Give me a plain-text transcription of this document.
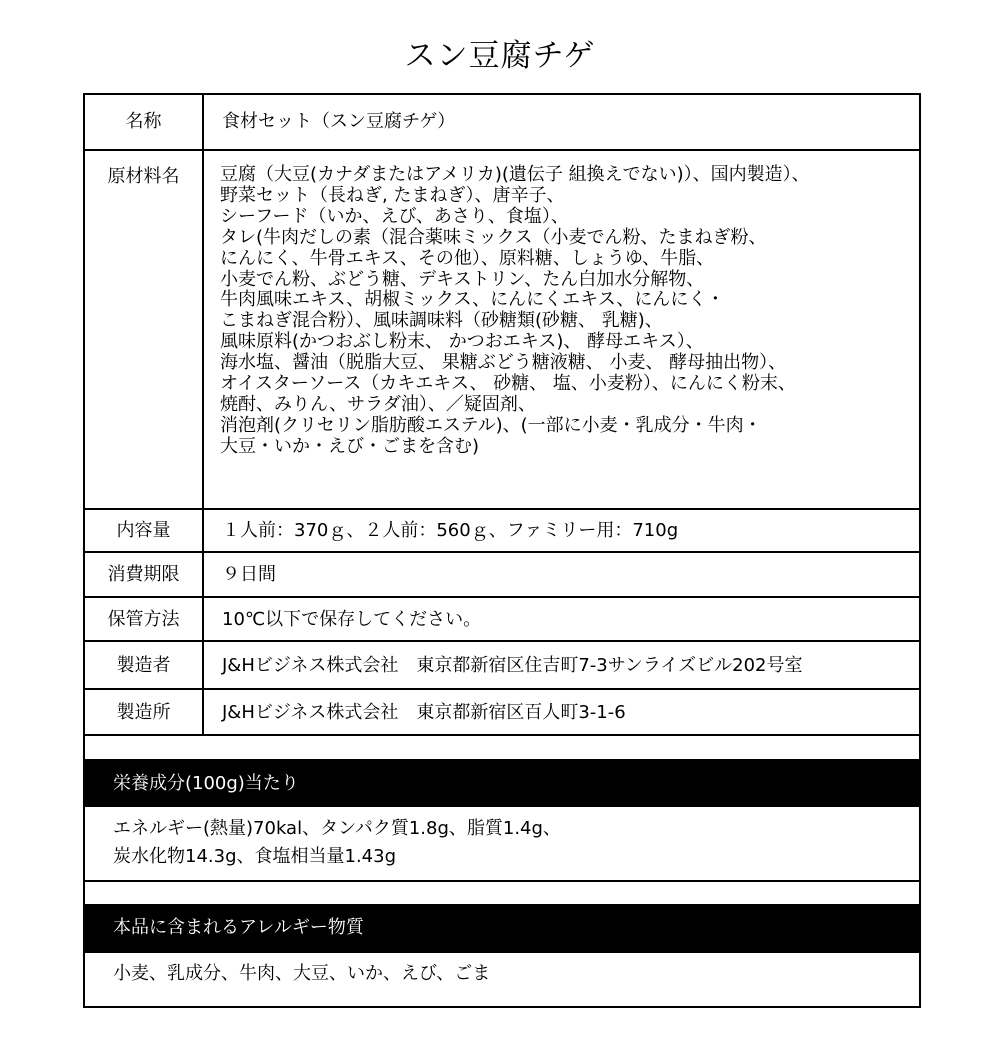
スン豆腐チゲ
名称	食材セット（スン豆腐チゲ）
原材料名	豆腐（大豆(カナダまたはアメリカ)(遺伝子 組換えでない)）、国内製造）、
野菜セット（長ねぎ, たまねぎ）、唐辛子、
シーフード（いか、えび、あさり、食塩）、
タレ(牛肉だしの素（混合薬味ミックス（小麦でん粉、たまねぎ粉、
にんにく、牛骨エキス、その他）、原料糖、しょうゆ、牛脂、
小麦でん粉、ぶどう糖、デキストリン、たん白加水分解物、
牛肉風味エキス、胡椒ミックス、にんにくエキス、にんにく・
こまねぎ混合粉）、風味調味料（砂糖類(砂糖、 乳糖)、
風味原料(かつおぶし粉末、 かつおエキス)、 酵母エキス）、
海水塩、醤油（脱脂大豆、 果糖ぶどう糖液糖、 小麦、 酵母抽出物）、
オイスターソース（カキエキス、 砂糖、 塩、小麦粉）、にんにく粉末、
焼酎、みりん、サラダ油）、／疑固剤、
消泡剤(クリセリン脂肪酸エステル)、(一部に小麦・乳成分・牛肉・
大豆・いか・えび・ごまを含む)
内容量	１人前：370ｇ、２人前：560ｇ、ファミリー用：710g
消費期限	９日間
保管方法	10℃以下で保存してください。
製造者	J&Hビジネス株式会社　東京都新宿区住吉町7-3サンライズビル202号室
製造所	J&Hビジネス株式会社　東京都新宿区百人町3-1-6
栄養成分(100g)当たり
エネルギー(熱量)70kal、タンパク質1.8g、脂質1.4g、
炭水化物14.3g、食塩相当量1.43g
本品に含まれるアレルギー物質
小麦、乳成分、牛肉、大豆、いか、えび、ごま
